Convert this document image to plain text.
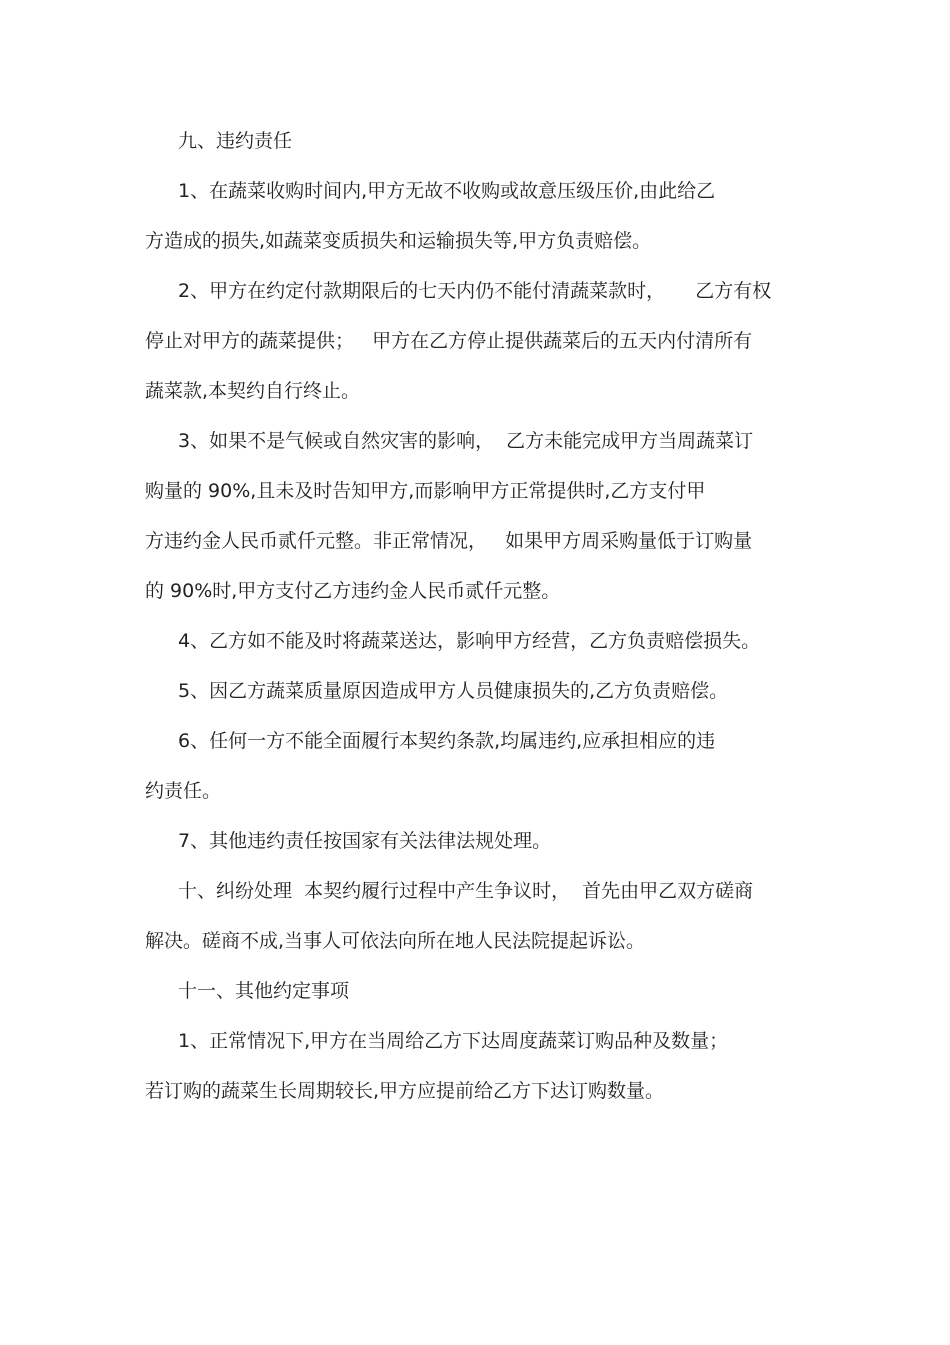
九、违约责任
1、在蔬菜收购时间内,甲方无故不收购或故意压级压价,由此给乙
方造成的损失,如蔬菜变质损失和运输损失等,甲方负责赔偿。
2、甲方在约定付款期限后的七天内仍不能付清蔬菜款时，     乙方有权
停止对甲方的蔬菜提供；   甲方在乙方停止提供蔬菜后的五天内付清所有
蔬菜款,本契约自行终止。
3、如果不是气候或自然灾害的影响，  乙方未能完成甲方当周蔬菜订
购量的 90%,且未及时告知甲方,而影响甲方正常提供时,乙方支付甲
方违约金人民币贰仟元整。非正常情况，   如果甲方周采购量低于订购量
的 90%时,甲方支付乙方违约金人民币贰仟元整。
4、乙方如不能及时将蔬菜送达，影响甲方经营，乙方负责赔偿损失。
5、因乙方蔬菜质量原因造成甲方人员健康损失的,乙方负责赔偿。
6、任何一方不能全面履行本契约条款,均属违约,应承担相应的违
约责任。
7、其他违约责任按国家有关法律法规处理。
十、纠纷处理  本契约履行过程中产生争议时，  首先由甲乙双方磋商
解决。磋商不成,当事人可依法向所在地人民法院提起诉讼。
十一、其他约定事项
1、正常情况下,甲方在当周给乙方下达周度蔬菜订购品种及数量；
若订购的蔬菜生长周期较长,甲方应提前给乙方下达订购数量。
